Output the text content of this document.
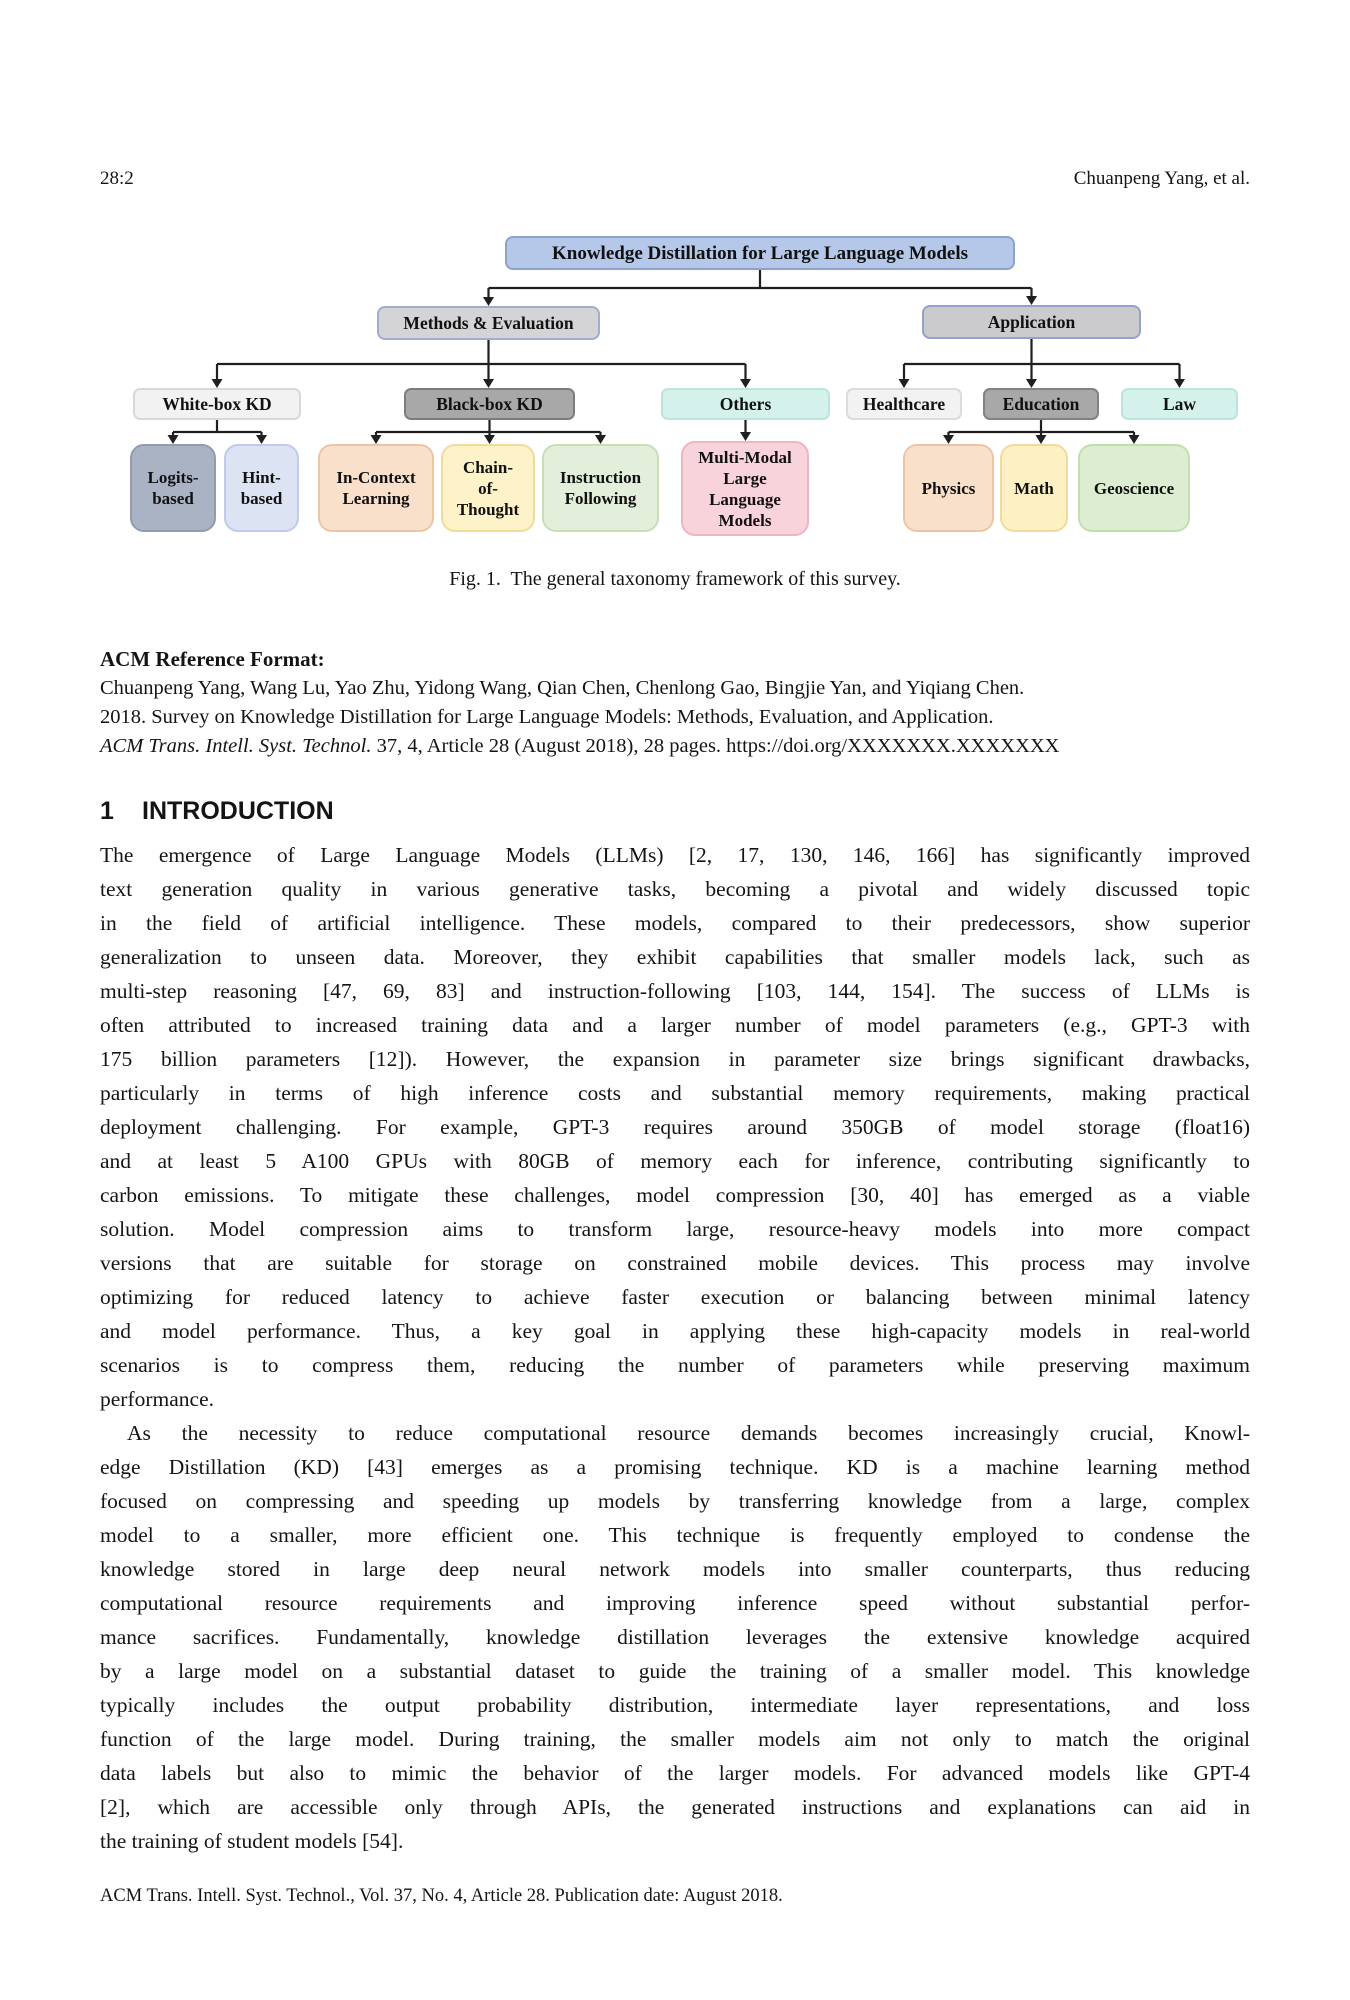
28:2	Chuanpeng Yang, et al.
Knowledge Distillation for Large Language Models
Methods & Evaluation	Application
White-box KD	Black-box KD	Others	Healthcare	Education	Law
Logits-
based
Hint-
based
In-Context
Learning
Chain-
of-
Thought
Instruction
Following
Multi-Modal
Large
Language
Models
Physics Math Geoscience
Fig. 1.  The general taxonomy framework of this survey.
ACM Reference Format:
Chuanpeng Yang, Wang Lu, Yao Zhu, Yidong Wang, Qian Chen, Chenlong Gao, Bingjie Yan, and Yiqiang Chen.
2018. Survey on Knowledge Distillation for Large Language Models: Methods, Evaluation, and Application.
ACM Trans. Intell. Syst. Technol. 37, 4, Article 28 (August 2018), 28 pages. https://doi.org/XXXXXXX.XXXXXXX
1	INTRODUCTION
The emergence of Large Language Models (LLMs) [2, 17, 130, 146, 166] has significantly improved
text generation quality in various generative tasks, becoming a pivotal and widely discussed topic
in the field of artificial intelligence. These models, compared to their predecessors, show superior
generalization to unseen data. Moreover, they exhibit capabilities that smaller models lack, such as
multi-step reasoning [47, 69, 83] and instruction-following [103, 144, 154]. The success of LLMs is
often attributed to increased training data and a larger number of model parameters (e.g., GPT-3 with
175 billion parameters [12]). However, the expansion in parameter size brings significant drawbacks,
particularly in terms of high inference costs and substantial memory requirements, making practical
deployment challenging. For example, GPT-3 requires around 350GB of model storage (float16)
and at least 5 A100 GPUs with 80GB of memory each for inference, contributing significantly to
carbon emissions. To mitigate these challenges, model compression [30, 40] has emerged as a viable
solution. Model compression aims to transform large, resource-heavy models into more compact
versions that are suitable for storage on constrained mobile devices. This process may involve
optimizing for reduced latency to achieve faster execution or balancing between minimal latency
and model performance. Thus, a key goal in applying these high-capacity models in real-world
scenarios is to compress them, reducing the number of parameters while preserving maximum
performance.
As the necessity to reduce computational resource demands becomes increasingly crucial, Knowl-
edge Distillation (KD) [43] emerges as a promising technique. KD is a machine learning method
focused on compressing and speeding up models by transferring knowledge from a large, complex
model to a smaller, more efficient one. This technique is frequently employed to condense the
knowledge stored in large deep neural network models into smaller counterparts, thus reducing
computational resource requirements and improving inference speed without substantial perfor-
mance sacrifices. Fundamentally, knowledge distillation leverages the extensive knowledge acquired
by a large model on a substantial dataset to guide the training of a smaller model. This knowledge
typically includes the output probability distribution, intermediate layer representations, and loss
function of the large model. During training, the smaller models aim not only to match the original
data labels but also to mimic the behavior of the larger models. For advanced models like GPT-4
[2], which are accessible only through APIs, the generated instructions and explanations can aid in
the training of student models [54].
ACM Trans. Intell. Syst. Technol., Vol. 37, No. 4, Article 28. Publication date: August 2018.
